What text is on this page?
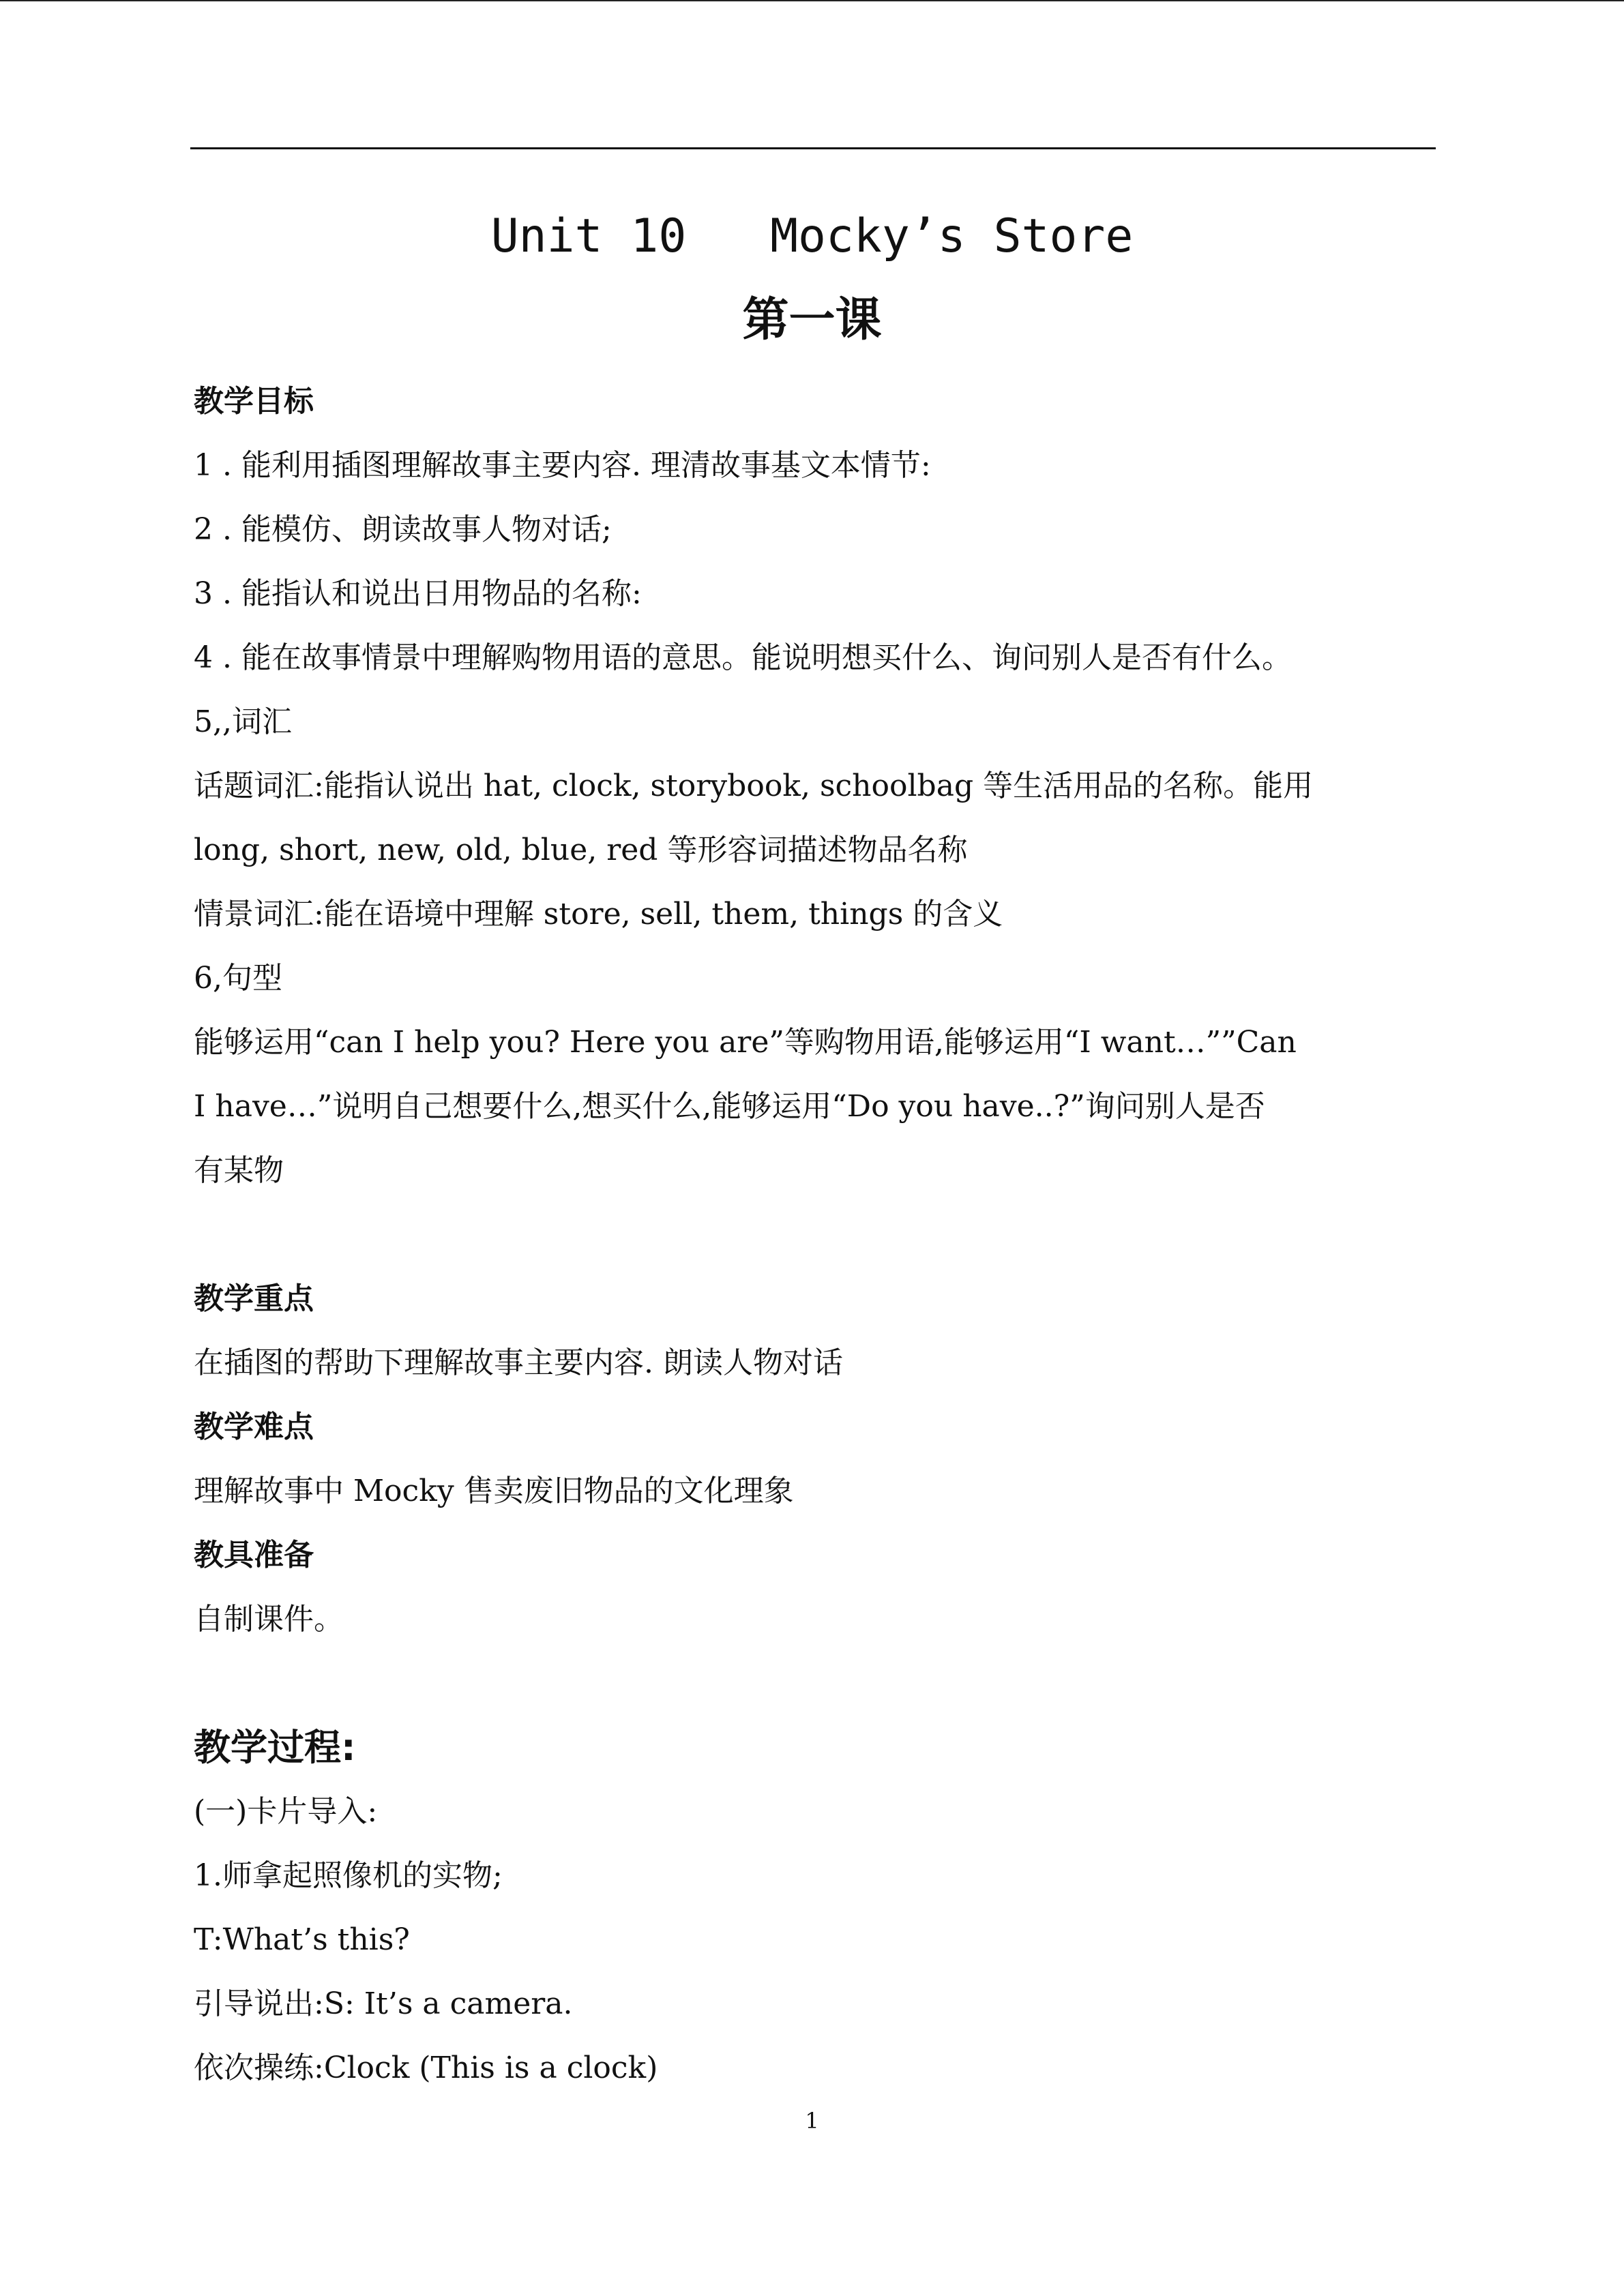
Unit 10   Mocky’s Store
第一课
教学目标
1 . 能利用插图理解故事主要内容. 理清故事基文本情节:
2 . 能模仿、朗读故事人物对话;
3 . 能指认和说出日用物品的名称:
4 . 能在故事情景中理解购物用语的意思。能说明想买什么、询问别人是否有什么。
5,,词汇
话题词汇:能指认说出 hat, clock, storybook, schoolbag 等生活用品的名称。能用
long, short, new, old, blue, red 等形容词描述物品名称
情景词汇:能在语境中理解 store, sell, them, things 的含义
6,句型
能够运用“can I help you? Here you are”等购物用语,能够运用“I want…””Can
I have…”说明自己想要什么,想买什么,能够运用“Do you have..?”询问别人是否
有某物
教学重点
在插图的帮助下理解故事主要内容. 朗读人物对话
教学难点
理解故事中 Mocky 售卖废旧物品的文化理象
教具准备
自制课件。
教学过程:
(一)卡片导入:
1.师拿起照像机的实物;
T:What’s this?
引导说出:S: It’s a camera.
依次操练:Clock (This is a clock)
1
